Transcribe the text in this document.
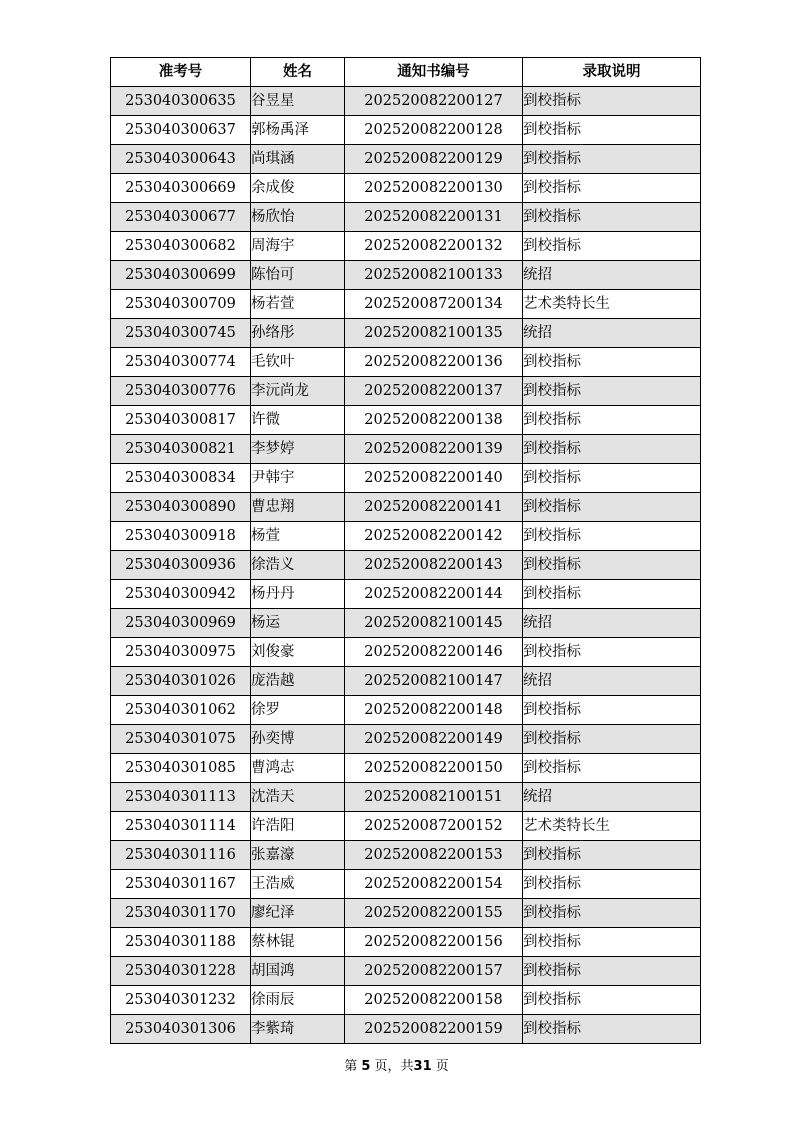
准考号	姓名	通知书编号	录取说明
253040300635	谷昱星	202520082200127	到校指标
253040300637	郭杨禹泽	202520082200128	到校指标
253040300643	尚琪涵	202520082200129	到校指标
253040300669	余成俊	202520082200130	到校指标
253040300677	杨欣怡	202520082200131	到校指标
253040300682	周海宇	202520082200132	到校指标
253040300699	陈怡可	202520082100133	统招
253040300709	杨若萱	202520087200134	艺术类特长生
253040300745	孙络彤	202520082100135	统招
253040300774	毛钦叶	202520082200136	到校指标
253040300776	李沅尚龙	202520082200137	到校指标
253040300817	许微	202520082200138	到校指标
253040300821	李梦婷	202520082200139	到校指标
253040300834	尹韩宇	202520082200140	到校指标
253040300890	曹忠翔	202520082200141	到校指标
253040300918	杨萱	202520082200142	到校指标
253040300936	徐浩义	202520082200143	到校指标
253040300942	杨丹丹	202520082200144	到校指标
253040300969	杨运	202520082100145	统招
253040300975	刘俊豪	202520082200146	到校指标
253040301026	庞浩越	202520082100147	统招
253040301062	徐罗	202520082200148	到校指标
253040301075	孙奕博	202520082200149	到校指标
253040301085	曹鸿志	202520082200150	到校指标
253040301113	沈浩天	202520082100151	统招
253040301114	许浩阳	202520087200152	艺术类特长生
253040301116	张嘉濠	202520082200153	到校指标
253040301167	王浩威	202520082200154	到校指标
253040301170	廖纪泽	202520082200155	到校指标
253040301188	蔡林锟	202520082200156	到校指标
253040301228	胡国鸿	202520082200157	到校指标
253040301232	徐雨辰	202520082200158	到校指标
253040301306	李紫琦	202520082200159	到校指标
第 5 页，共31 页
